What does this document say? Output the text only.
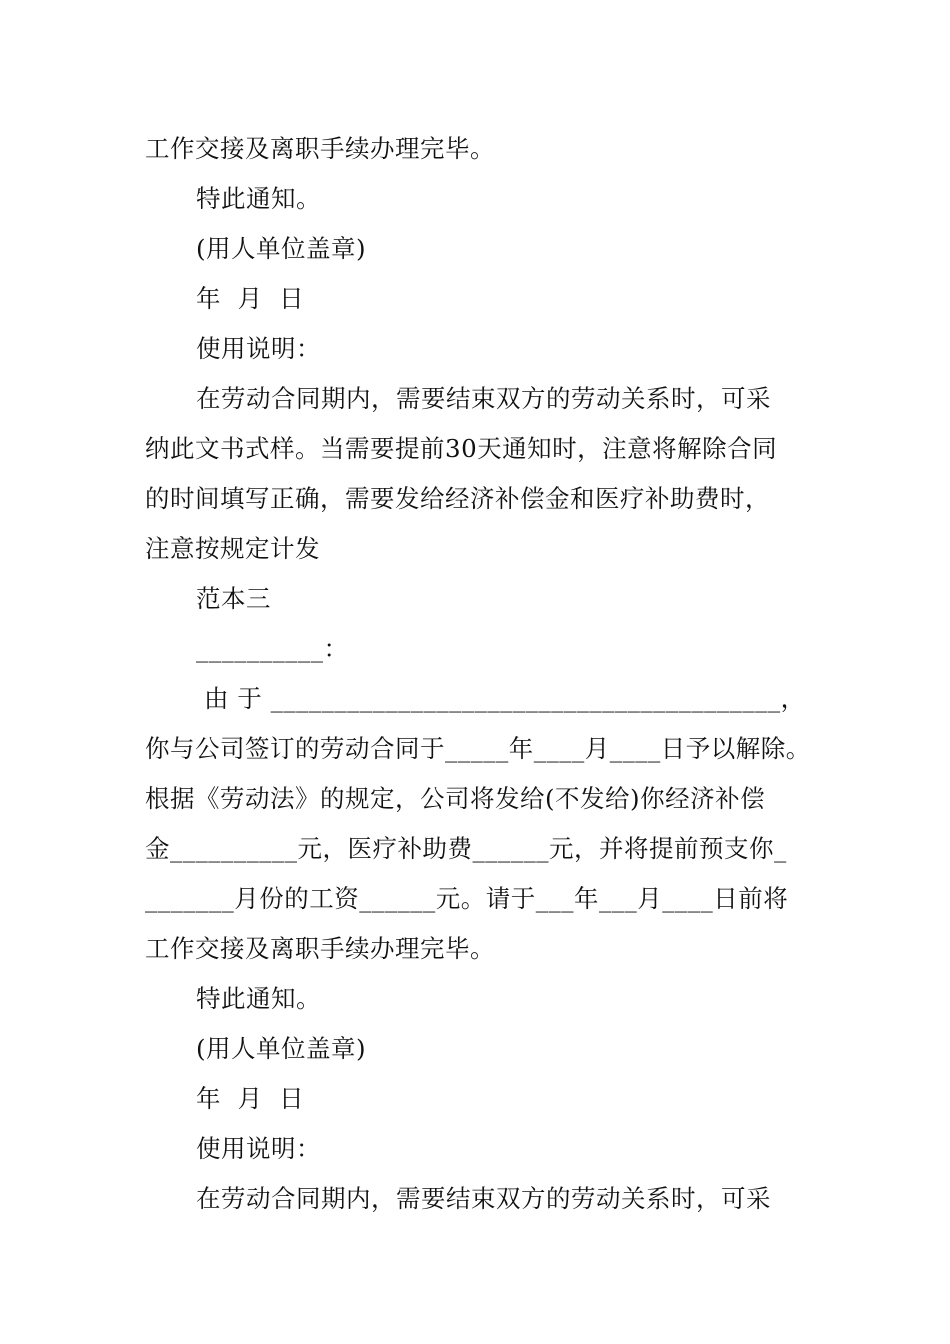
工作交接及离职手续办理完毕。
特此通知。
(用人单位盖章)
年  月  日
使用说明：
在劳动合同期内，需要结束双方的劳动关系时，可采
纳此文书式样。当需要提前30天通知时，注意将解除合同
的时间填写正确，需要发给经济补偿金和医疗补助费时，
注意按规定计发
范本三
__________：
由 于 ________________________________________，
你与公司签订的劳动合同于_____年____月____日予以解除。
根据《劳动法》的规定，公司将发给(不发给)你经济补偿
金__________元，医疗补助费______元，并将提前预支你_
_______月份的工资______元。请于___年___月____日前将
工作交接及离职手续办理完毕。
特此通知。
(用人单位盖章)
年  月  日
使用说明：
在劳动合同期内，需要结束双方的劳动关系时，可采
